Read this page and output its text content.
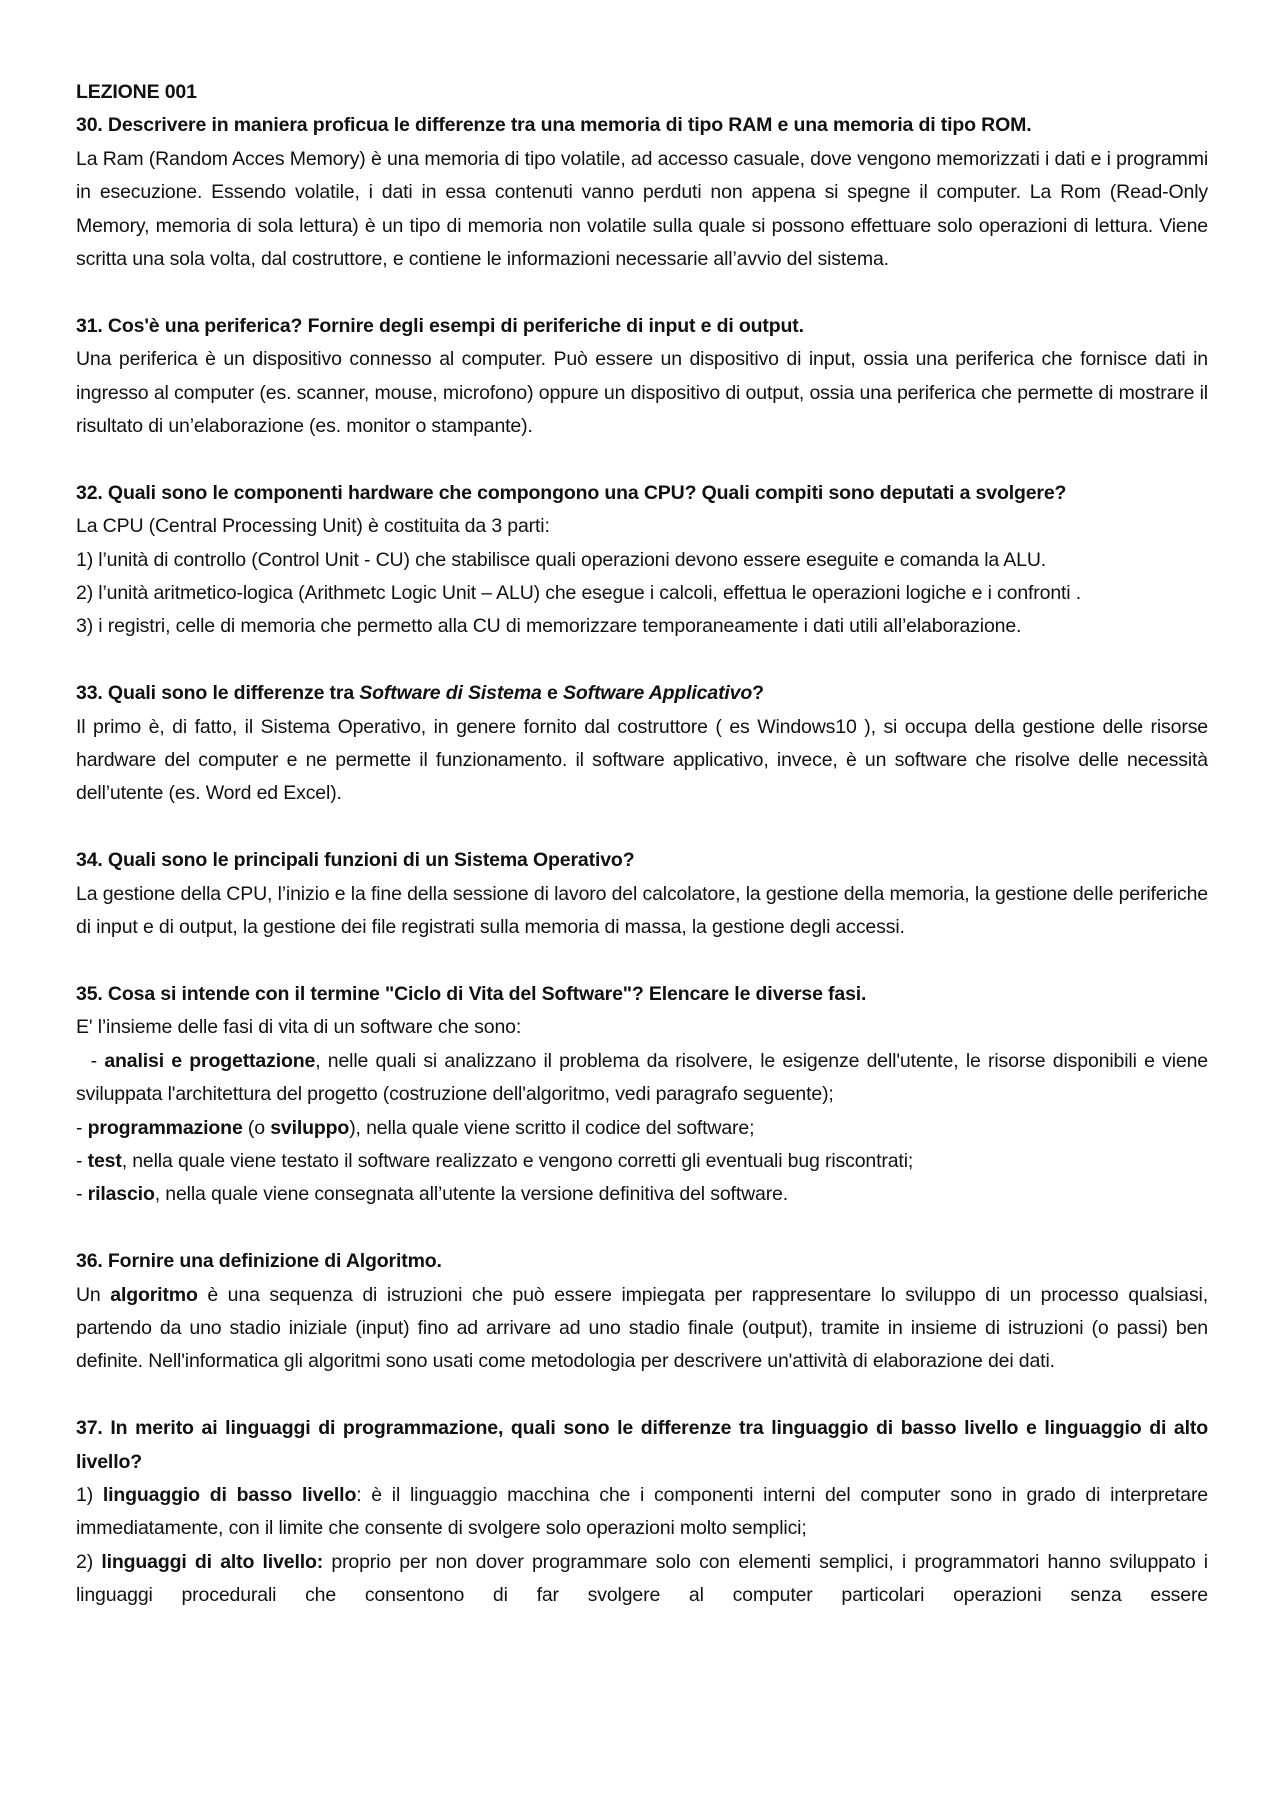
LEZIONE 001

30. Descrivere in maniera proficua le differenze tra una memoria di tipo RAM e una memoria di tipo ROM.

La Ram (Random Acces Memory) è una memoria di tipo volatile, ad accesso casuale, dove vengono memorizzati i dati e i programmi in esecuzione. Essendo volatile, i dati in essa contenuti vanno perduti non appena si spegne il computer. La Rom (Read-Only Memory, memoria di sola lettura) è un tipo di memoria non volatile sulla quale si possono effettuare solo operazioni di lettura. Viene scritta una sola volta, dal costruttore, e contiene le informazioni necessarie all’avvio del sistema.

31. Cos'è una periferica? Fornire degli esempi di periferiche di input e di output.

Una periferica è un dispositivo connesso al computer. Può essere un dispositivo di input, ossia una periferica che fornisce dati in ingresso al computer (es. scanner, mouse, microfono) oppure un dispositivo di output, ossia una periferica che permette di mostrare il risultato di un’elaborazione (es. monitor o stampante).

32. Quali sono le componenti hardware che compongono una CPU? Quali compiti sono deputati a svolgere?

La CPU (Central Processing Unit) è costituita da 3 parti:

1) l’unità di controllo (Control Unit - CU) che stabilisce quali operazioni devono essere eseguite e comanda la ALU.

2) l’unità aritmetico-logica (Arithmetc Logic Unit – ALU) che esegue i calcoli, effettua le operazioni logiche e i confronti .

3) i registri, celle di memoria che permetto alla CU di memorizzare temporaneamente i dati utili all’elaborazione.

33. Quali sono le differenze tra Software di Sistema e Software Applicativo?

Il primo è, di fatto, il Sistema Operativo, in genere fornito dal costruttore ( es Windows10 ), si occupa della gestione delle risorse hardware del computer e ne permette il funzionamento. il software applicativo, invece, è un software che risolve delle necessità dell’utente (es. Word ed Excel).

34. Quali sono le principali funzioni di un Sistema Operativo?

La gestione della CPU, l’inizio e la fine della sessione di lavoro del calcolatore, la gestione della memoria, la gestione delle periferiche di input e di output, la gestione dei file registrati sulla memoria di massa, la gestione degli accessi.

35. Cosa si intende con il termine "Ciclo di Vita del Software"? Elencare le diverse fasi.

E' l’insieme delle fasi di vita di un software che sono:

- analisi e progettazione, nelle quali si analizzano il problema da risolvere, le esigenze dell'utente, le risorse disponibili e viene sviluppata l'architettura del progetto (costruzione dell'algoritmo, vedi paragrafo seguente);

- programmazione (o sviluppo), nella quale viene scritto il codice del software;

- test, nella quale viene testato il software realizzato e vengono corretti gli eventuali bug riscontrati;

- rilascio, nella quale viene consegnata all’utente la versione definitiva del software.

36. Fornire una definizione di Algoritmo.

Un algoritmo è una sequenza di istruzioni che può essere impiegata per rappresentare lo sviluppo di un processo qualsiasi, partendo da uno stadio iniziale (input) fino ad arrivare ad uno stadio finale (output), tramite in insieme di istruzioni (o passi) ben definite. Nell'informatica gli algoritmi sono usati come metodologia per descrivere un'attività di elaborazione dei dati.

37. In merito ai linguaggi di programmazione, quali sono le differenze tra linguaggio di basso livello e linguaggio di alto livello?

1) linguaggio di basso livello: è il linguaggio macchina che i componenti interni del computer sono in grado di interpretare immediatamente, con il limite che consente di svolgere solo operazioni molto semplici;

2) linguaggi di alto livello: proprio per non dover programmare solo con elementi semplici, i programmatori hanno sviluppato i linguaggi procedurali che consentono di far svolgere al computer particolari operazioni senza essere
